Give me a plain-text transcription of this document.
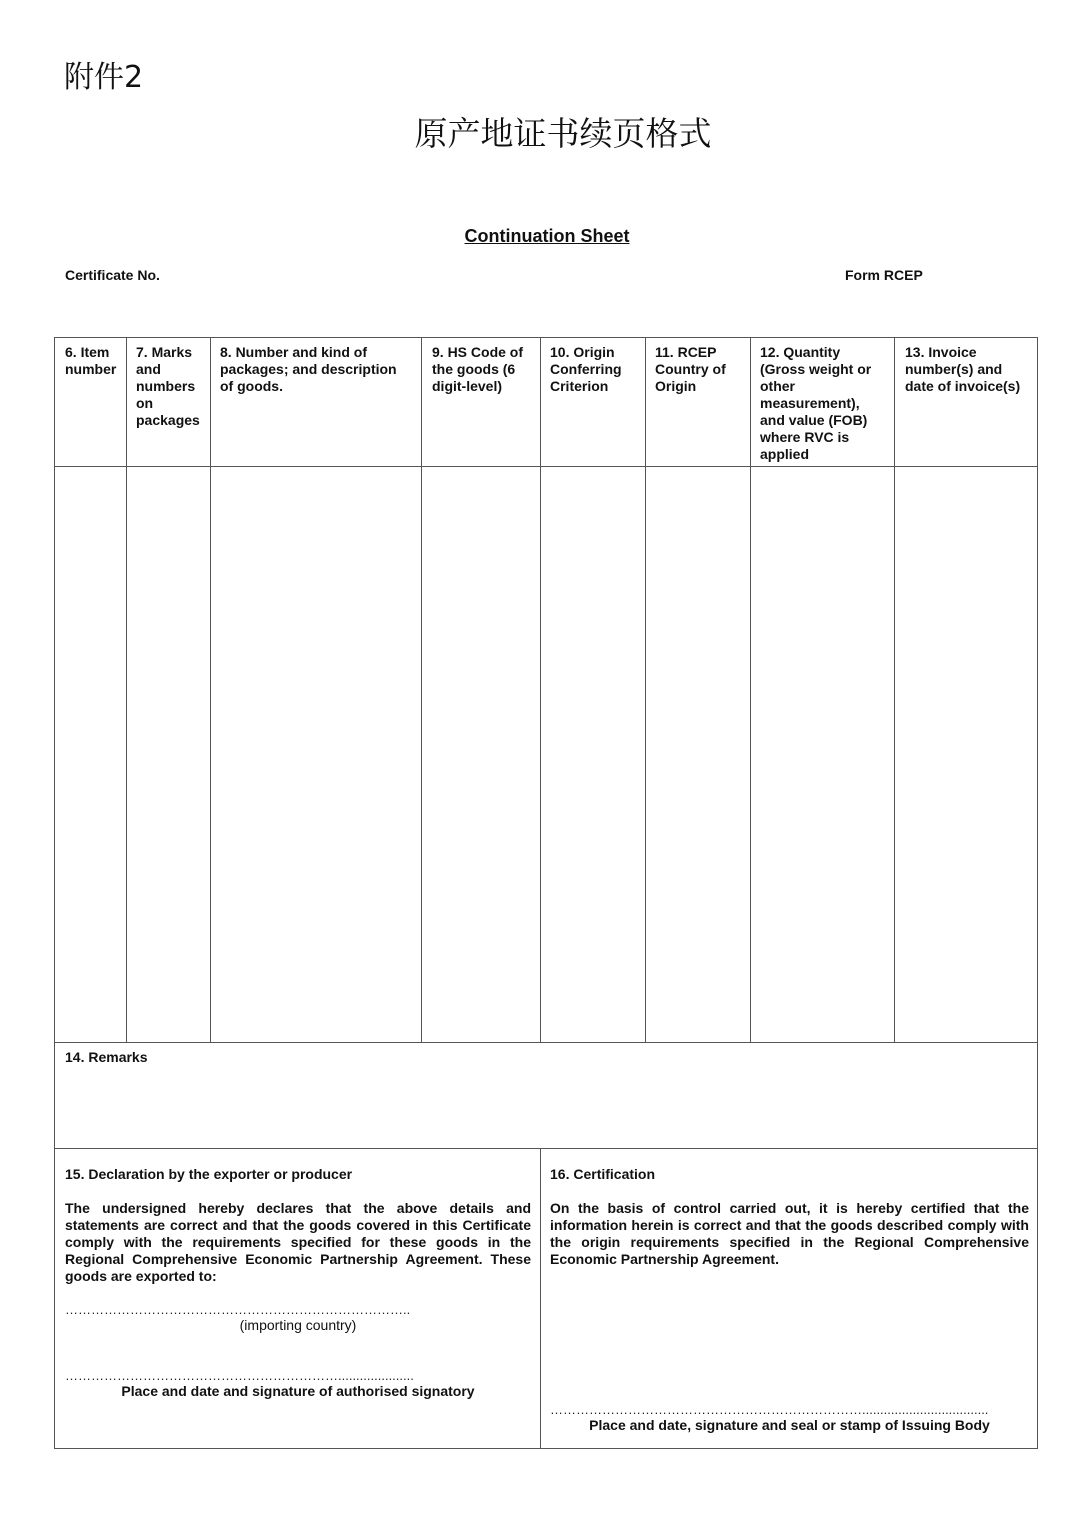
附件2
原产地证书续页格式
Continuation Sheet
Certificate No.	Form RCEP
6. Item
number
7. Marks
and
numbers
on
packages
8. Number and kind of
packages; and description
of goods.
9. HS Code of
the goods (6
digit-level)
10. Origin
Conferring
Criterion
11. RCEP
Country of
Origin
12. Quantity
(Gross weight or
other
measurement),
and value (FOB)
where RVC is
applied
13. Invoice
number(s) and
date of invoice(s)
14. Remarks
15. Declaration by the exporter or producer
The undersigned hereby declares that the above details and statements are correct and that the goods covered in this Certificate comply with the requirements specified for these goods in the Regional Comprehensive Economic Partnership Agreement. These goods are exported to:
……………………………………………………………………..
(importing country)
……………………………………………………….....................
Place and date and signature of authorised signatory
16. Certification
On the basis of control carried out, it is hereby certified that the information herein is correct and that the goods described comply with the origin requirements specified in the Regional Comprehensive Economic Partnership Agreement.
………………………………………………………………...................................
Place and date, signature and seal or stamp of Issuing Body
